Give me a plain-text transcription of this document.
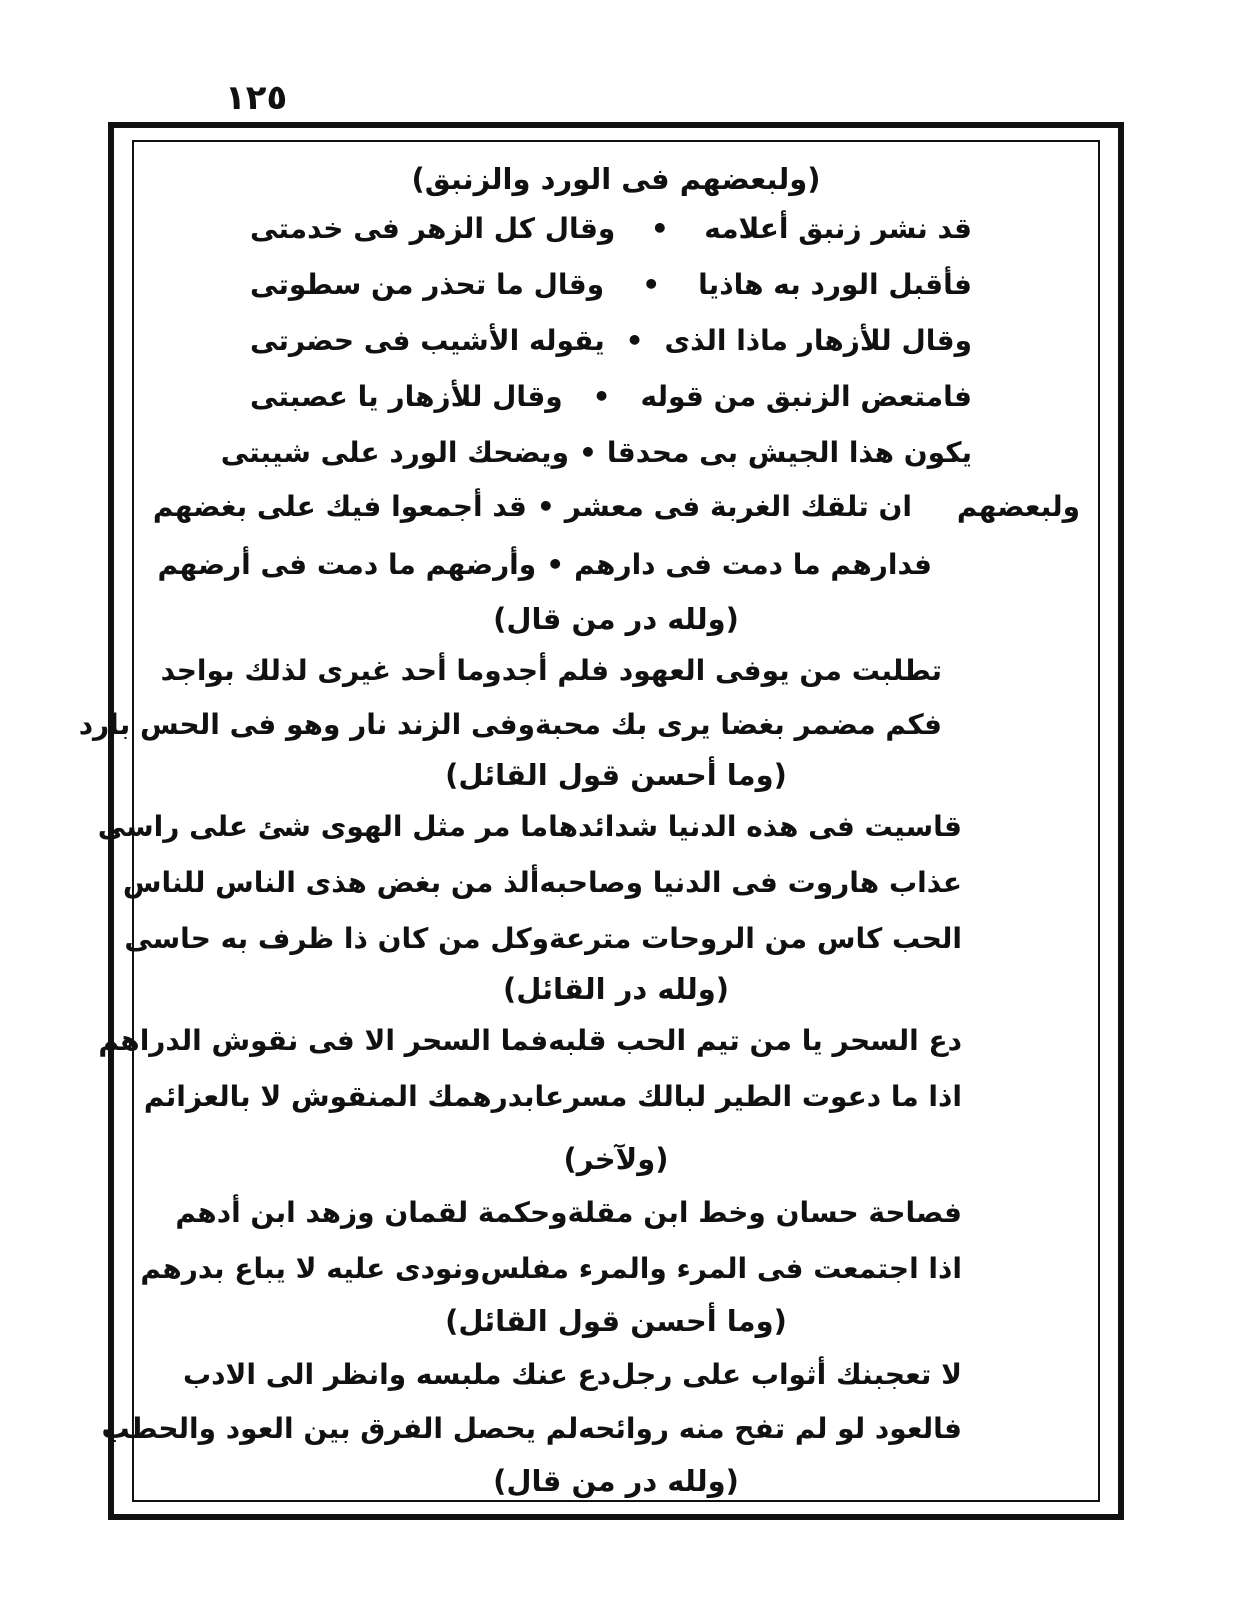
١٢٥
(ولبعضهم فى الورد والزنبق)
قد نشر زنبق أعلامه
•
وقال كل الزهر فى خدمتى
فأقبل الورد به هاذيا
•
وقال ما تحذر من سطوتى
وقال للأزهار ماذا الذى
•
يقوله الأشيب فى حضرتى
فامتعض الزنبق من قوله
•
وقال للأزهار يا عصبتى
يكون هذا الجيش بى محدقا
•
ويضحك الورد على شيبتى
ولبعضهم
ان تلقك الغربة فى معشر
•
قد أجمعوا فيك على بغضهم
فدارهم ما دمت فى دارهم
•
وأرضهم ما دمت فى أرضهم
(ولله در من قال)
تطلبت من يوفى العهود فلم أجد
وما أحد غيرى لذلك بواجد
فكم مضمر بغضا يرى بك محبة
وفى الزند نار وهو فى الحس بارد
(وما أحسن قول القائل)
قاسيت فى هذه الدنيا شدائدها
ما مر مثل الهوى شئ على راسى
عذاب هاروت فى الدنيا وصاحبه
ألذ من بغض هذى الناس للناس
الحب كاس من الروحات مترعة
وكل من كان ذا ظرف به حاسى
(ولله در القائل)
دع السحر يا من تيم الحب قلبه
فما السحر الا فى نقوش الدراهم
اذا ما دعوت الطير لبالك مسرعا
بدرهمك المنقوش لا بالعزائم
(ولآخر)
فصاحة حسان وخط ابن مقلة
وحكمة لقمان وزهد ابن أدهم
اذا اجتمعت فى المرء والمرء مفلس
ونودى عليه لا يباع بدرهم
(وما أحسن قول القائل)
لا تعجبنك أثواب على رجل
دع عنك ملبسه وانظر الى الادب
فالعود لو لم تفح منه روائحه
لم يحصل الفرق بين العود والحطب
(ولله در من قال)
